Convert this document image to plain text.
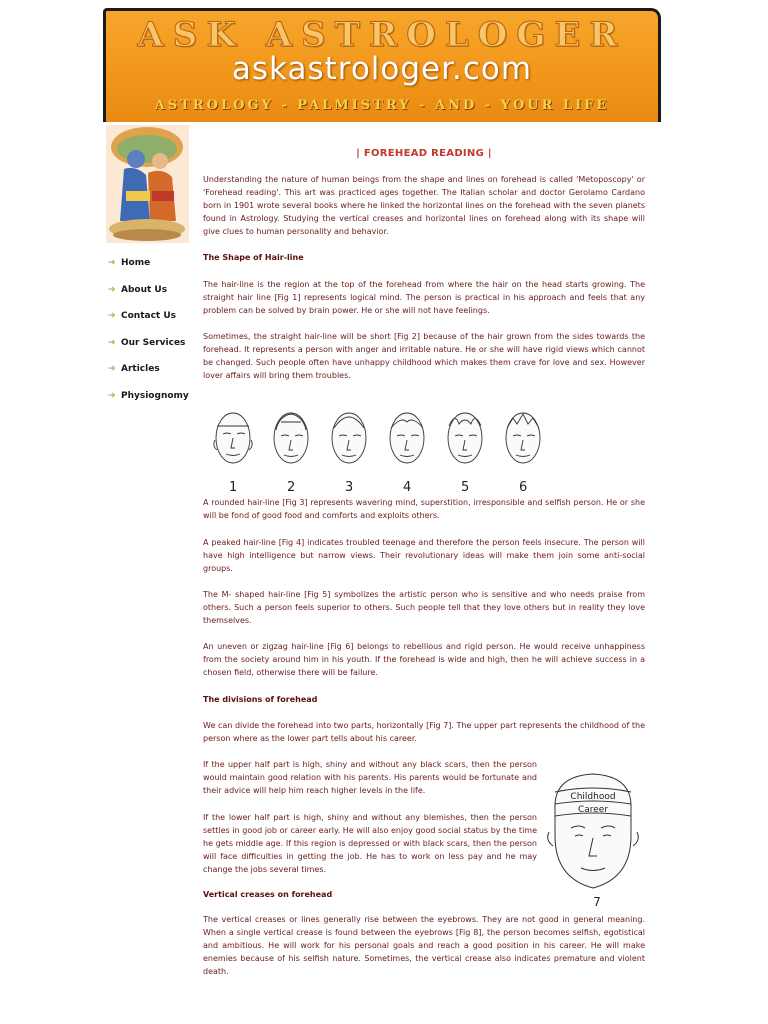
ASK ASTROLOGER
askastrologer.com
ASTROLOGY - PALMISTRY - AND - YOUR LIFE
➔ Home
➔ About Us
➔ Contact Us
➔ Our Services
➔ Articles
➔ Physiognomy
| FOREHEAD READING |

Understanding the nature of human beings from the shape and lines on forehead is called 'Metoposcopy' or 'Forehead reading'. This art was practiced ages together. The Italian scholar and doctor Gerolamo Cardano born in 1901 wrote several books where he linked the horizontal lines on the forehead with the seven planets found in Astrology. Studying the vertical creases and horizontal lines on forehead along with its shape will give clues to human personality and behavior.

The Shape of Hair-line

The hair-line is the region at the top of the forehead from where the hair on the head starts growing. The straight hair line [Fig 1] represents logical mind. The person is practical in his approach and feels that any problem can be solved by brain power. He or she will not have feelings.

Sometimes, the straight hair-line will be short [Fig 2] because of the hair grown from the sides towards the forehead. It represents a person with anger and irritable nature. He or she will have rigid views which cannot be changed. Such people often have unhappy childhood which makes them crave for love and sex. However lover affairs will bring them troubles.

1	2	3	4	5	6

A rounded hair-line [Fig 3] represents wavering mind, superstition, irresponsible and selfish person. He or she will be fond of good food and comforts and exploits others.

A peaked hair-line [Fig 4] indicates troubled teenage and therefore the person feels insecure. The person will have high intelligence but narrow views. Their revolutionary ideas will make them join some anti-social groups.

The M- shaped hair-line [Fig 5] symbolizes the artistic person who is sensitive and who needs praise from others. Such a person feels superior to others. Such people tell that they love others but in reality they love themselves.

An uneven or zigzag hair-line [Fig 6] belongs to rebellious and rigid person. He would receive unhappiness from the society around him in his youth. If the forehead is wide and high, then he will achieve success in a chosen field, otherwise there will be failure.

The divisions of forehead

We can divide the forehead into two parts, horizontally [Fig 7]. The upper part represents the childhood of the person where as the lower part tells about his career.

If the upper half part is high, shiny and without any black scars, then the person would maintain good relation with his parents. His parents would be fortunate and their advice will help him reach higher levels in the life.

If the lower half part is high, shiny and without any blemishes, then the person settles in good job or career early. He will also enjoy good social status by the time he gets middle age. If this region is depressed or with black scars, then the person will face difficulties in getting the job. He has to work on less pay and he may change the jobs several times.

Childhood
Career
7
Vertical creases on forehead

The vertical creases or lines generally rise between the eyebrows. They are not good in general meaning. When a single vertical crease is found between the eyebrows [Fig 8], the person becomes selfish, egotistical and ambitious. He will work for his personal goals and reach a good position in his career. He will make enemies because of his selfish nature. Sometimes, the vertical crease also indicates premature and violent death.
